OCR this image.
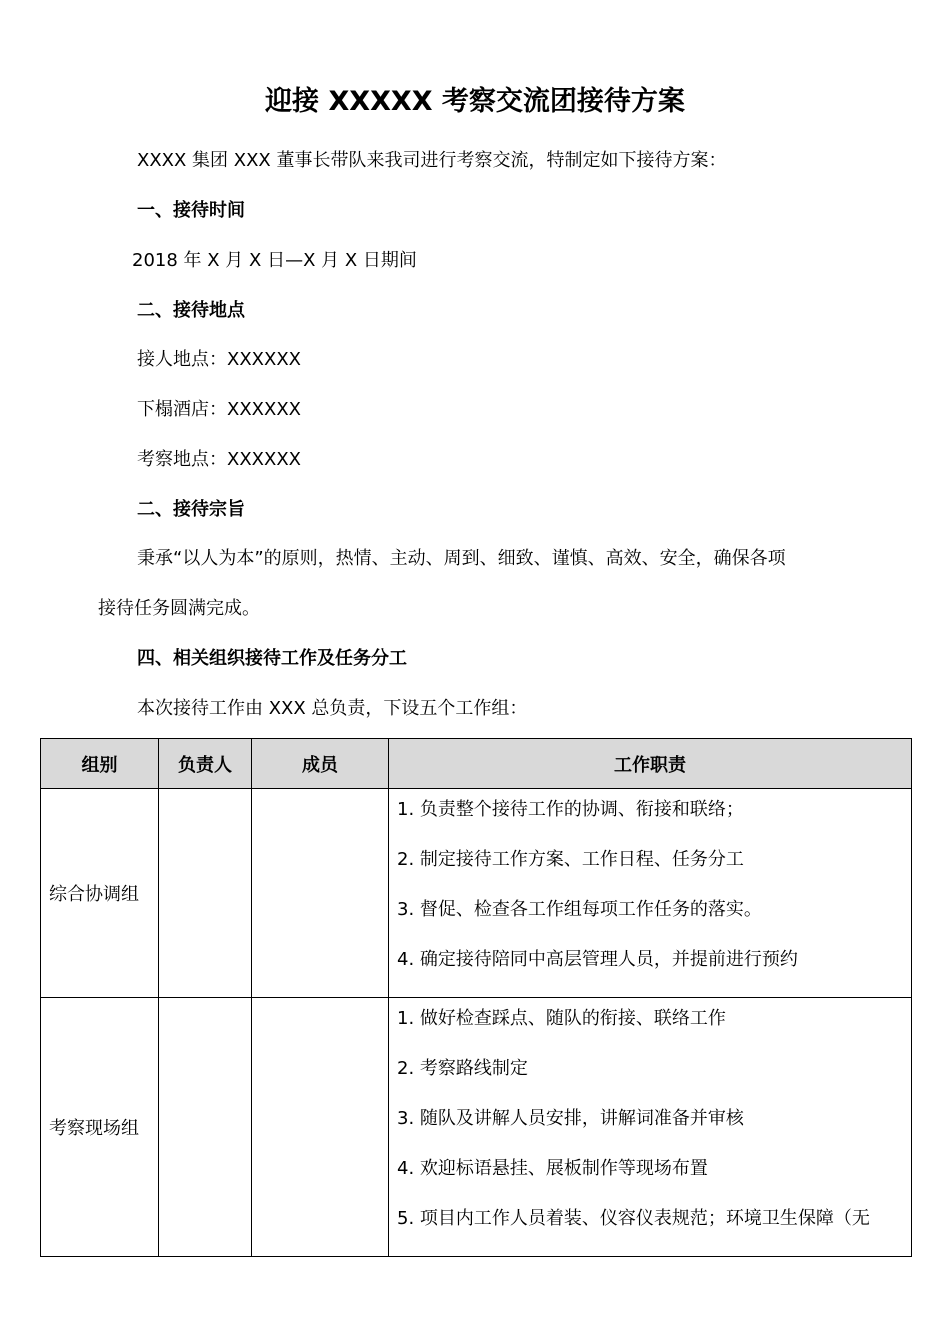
迎接 XXXXX 考察交流团接待方案
XXXX 集团 XXX 董事长带队来我司进行考察交流，特制定如下接待方案：
一、接待时间
2018 年 X 月 X 日—X 月 X 日期间
二、接待地点
接人地点：XXXXXX
下榻酒店：XXXXXX
考察地点：XXXXXX
二、接待宗旨
秉承“以人为本”的原则，热情、主动、周到、细致、谨慎、高效、安全，确保各项
接待任务圆满完成。
四、相关组织接待工作及任务分工
本次接待工作由 XXX 总负责，下设五个工作组：
组别	负责人	成员	工作职责
综合协调组			1. 负责整个接待工作的协调、衔接和联络；
2. 制定接待工作方案、工作日程、任务分工
3. 督促、检查各工作组每项工作任务的落实。
4. 确定接待陪同中高层管理人员，并提前进行预约

考察现场组			1. 做好检查踩点、随队的衔接、联络工作
2. 考察路线制定
3. 随队及讲解人员安排，讲解词准备并审核
4. 欢迎标语悬挂、展板制作等现场布置
5. 项目内工作人员着装、仪容仪表规范；环境卫生保障（无
